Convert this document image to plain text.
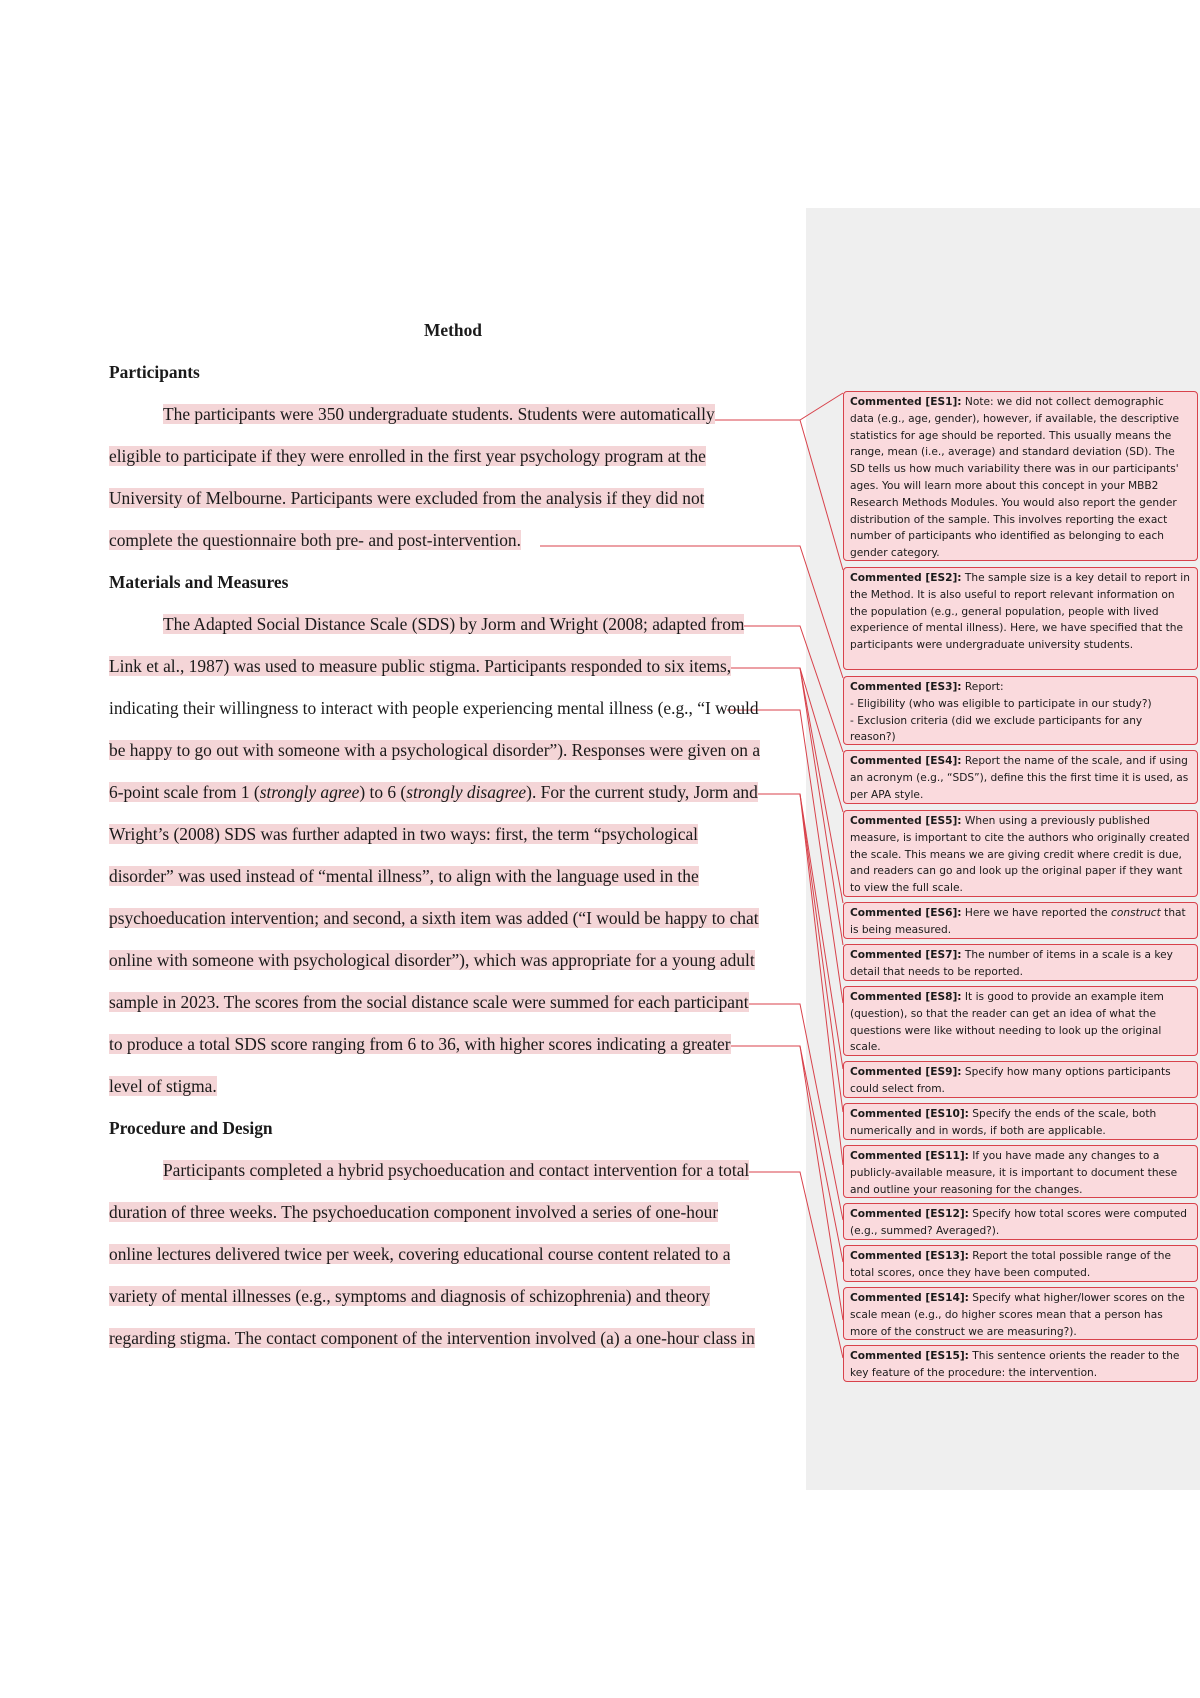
Method
Participants
The participants were 350 undergraduate students. Students were automatically
eligible to participate if they were enrolled in the first year psychology program at the
University of Melbourne. Participants were excluded from the analysis if they did not
complete the questionnaire both pre- and post-intervention.
Materials and Measures
The Adapted Social Distance Scale (SDS) by Jorm and Wright (2008; adapted from
Link et al., 1987) was used to measure public stigma. Participants responded to six items,
indicating their willingness to interact with people experiencing mental illness (e.g., “I would
be happy to go out with someone with a psychological disorder”). Responses were given on a
6-point scale from 1 (strongly agree) to 6 (strongly disagree). For the current study, Jorm and
Wright’s (2008) SDS was further adapted in two ways: first, the term “psychological
disorder” was used instead of “mental illness”, to align with the language used in the
psychoeducation intervention; and second, a sixth item was added (“I would be happy to chat
online with someone with psychological disorder”), which was appropriate for a young adult
sample in 2023. The scores from the social distance scale were summed for each participant
to produce a total SDS score ranging from 6 to 36, with higher scores indicating a greater
level of stigma.
Procedure and Design
Participants completed a hybrid psychoeducation and contact intervention for a total
duration of three weeks. The psychoeducation component involved a series of one-hour
online lectures delivered twice per week, covering educational course content related to a
variety of mental illnesses (e.g., symptoms and diagnosis of schizophrenia) and theory
regarding stigma. The contact component of the intervention involved (a) a one-hour class in
Commented [ES1]: Note: we did not collect demographic data (e.g., age, gender), however, if available, the descriptive statistics for age should be reported. This usually means the range, mean (i.e., average) and standard deviation (SD). The SD tells us how much variability there was in our participants' ages. You will learn more about this concept in your MBB2 Research Methods Modules. You would also report the gender distribution of the sample. This involves reporting the exact number of participants who identified as belonging to each gender category.
Commented [ES2]: The sample size is a key detail to report in the Method. It is also useful to report relevant information on the population (e.g., general population, people with lived experience of mental illness). Here, we have specified that the participants were undergraduate university students.
Commented [ES3]: Report:
- Eligibility (who was eligible to participate in our study?)
- Exclusion criteria (did we exclude participants for any reason?)
Commented [ES4]: Report the name of the scale, and if using an acronym (e.g., “SDS”), define this the first time it is used, as per APA style.
Commented [ES5]: When using a previously published measure, is important to cite the authors who originally created the scale. This means we are giving credit where credit is due, and readers can go and look up the original paper if they want to view the full scale.
Commented [ES6]: Here we have reported the construct that is being measured.
Commented [ES7]: The number of items in a scale is a key detail that needs to be reported.
Commented [ES8]: It is good to provide an example item (question), so that the reader can get an idea of what the questions were like without needing to look up the original scale.
Commented [ES9]: Specify how many options participants could select from.
Commented [ES10]: Specify the ends of the scale, both numerically and in words, if both are applicable.
Commented [ES11]: If you have made any changes to a publicly-available measure, it is important to document these and outline your reasoning for the changes.
Commented [ES12]: Specify how total scores were computed (e.g., summed? Averaged?).
Commented [ES13]: Report the total possible range of the total scores, once they have been computed.
Commented [ES14]: Specify what higher/lower scores on the scale mean (e.g., do higher scores mean that a person has more of the construct we are measuring?).
Commented [ES15]: This sentence orients the reader to the key feature of the procedure: the intervention.
